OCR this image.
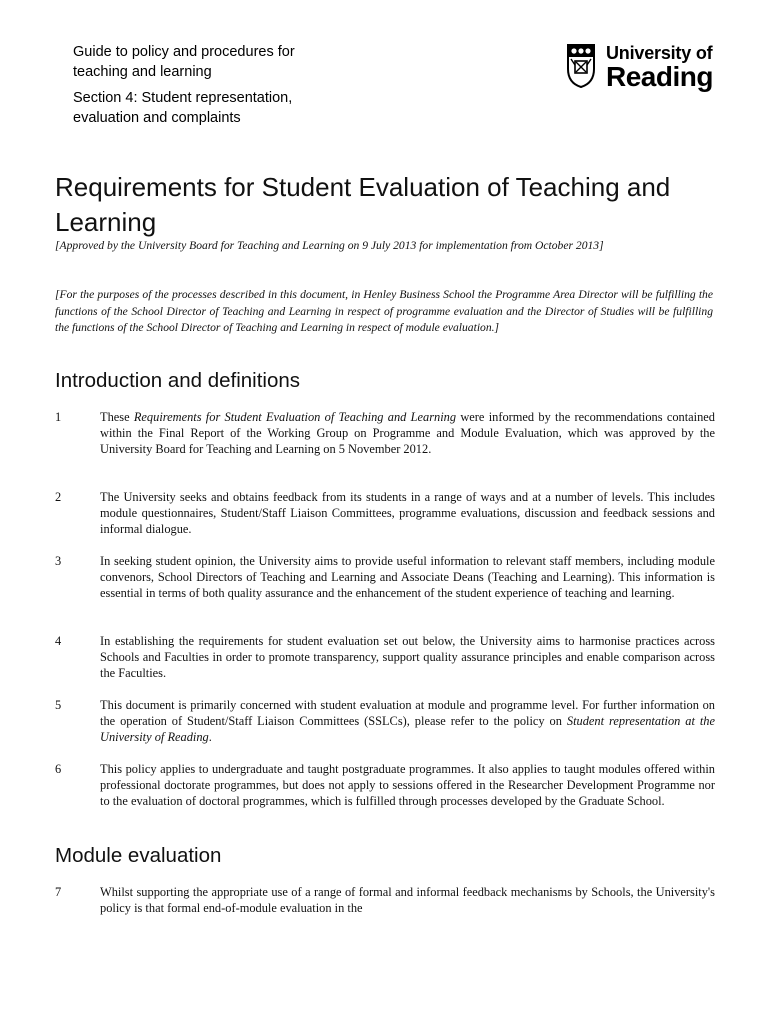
Guide to policy and procedures for
teaching and learning
Section 4: Student representation,
evaluation and complaints
University of
Reading
Requirements for Student Evaluation of Teaching and Learning

[Approved by the University Board for Teaching and Learning on 9 July 2013 for implementation from October 2013]

[For the purposes of the processes described in this document, in Henley Business School the Programme Area Director will be fulfilling the functions of the School Director of Teaching and Learning in respect of programme evaluation and the Director of Studies will be fulfilling the functions of the School Director of Teaching and Learning in respect of module evaluation.]

Introduction and definitions
1	These Requirements for Student Evaluation of Teaching and Learning were informed by the recommendations contained within the Final Report of the Working Group on Programme and Module Evaluation, which was approved by the University Board for Teaching and Learning on 5 November 2012.
2	The University seeks and obtains feedback from its students in a range of ways and at a number of levels. This includes module questionnaires, Student/Staff Liaison Committees, programme evaluations, discussion and feedback sessions and informal dialogue.
3	In seeking student opinion, the University aims to provide useful information to relevant staff members, including module convenors, School Directors of Teaching and Learning and Associate Deans (Teaching and Learning). This information is essential in terms of both quality assurance and the enhancement of the student experience of teaching and learning.
4	In establishing the requirements for student evaluation set out below, the University aims to harmonise practices across Schools and Faculties in order to promote transparency, support quality assurance principles and enable comparison across the Faculties.
5	This document is primarily concerned with student evaluation at module and programme level. For further information on the operation of Student/Staff Liaison Committees (SSLCs), please refer to the policy on Student representation at the University of Reading.
6	This policy applies to undergraduate and taught postgraduate programmes. It also applies to taught modules offered within professional doctorate programmes, but does not apply to sessions offered in the Researcher Development Programme nor to the evaluation of doctoral programmes, which is fulfilled through processes developed by the Graduate School.
Module evaluation
7	Whilst supporting the appropriate use of a range of formal and informal feedback mechanisms by Schools, the University's policy is that formal end-of-module evaluation in the
